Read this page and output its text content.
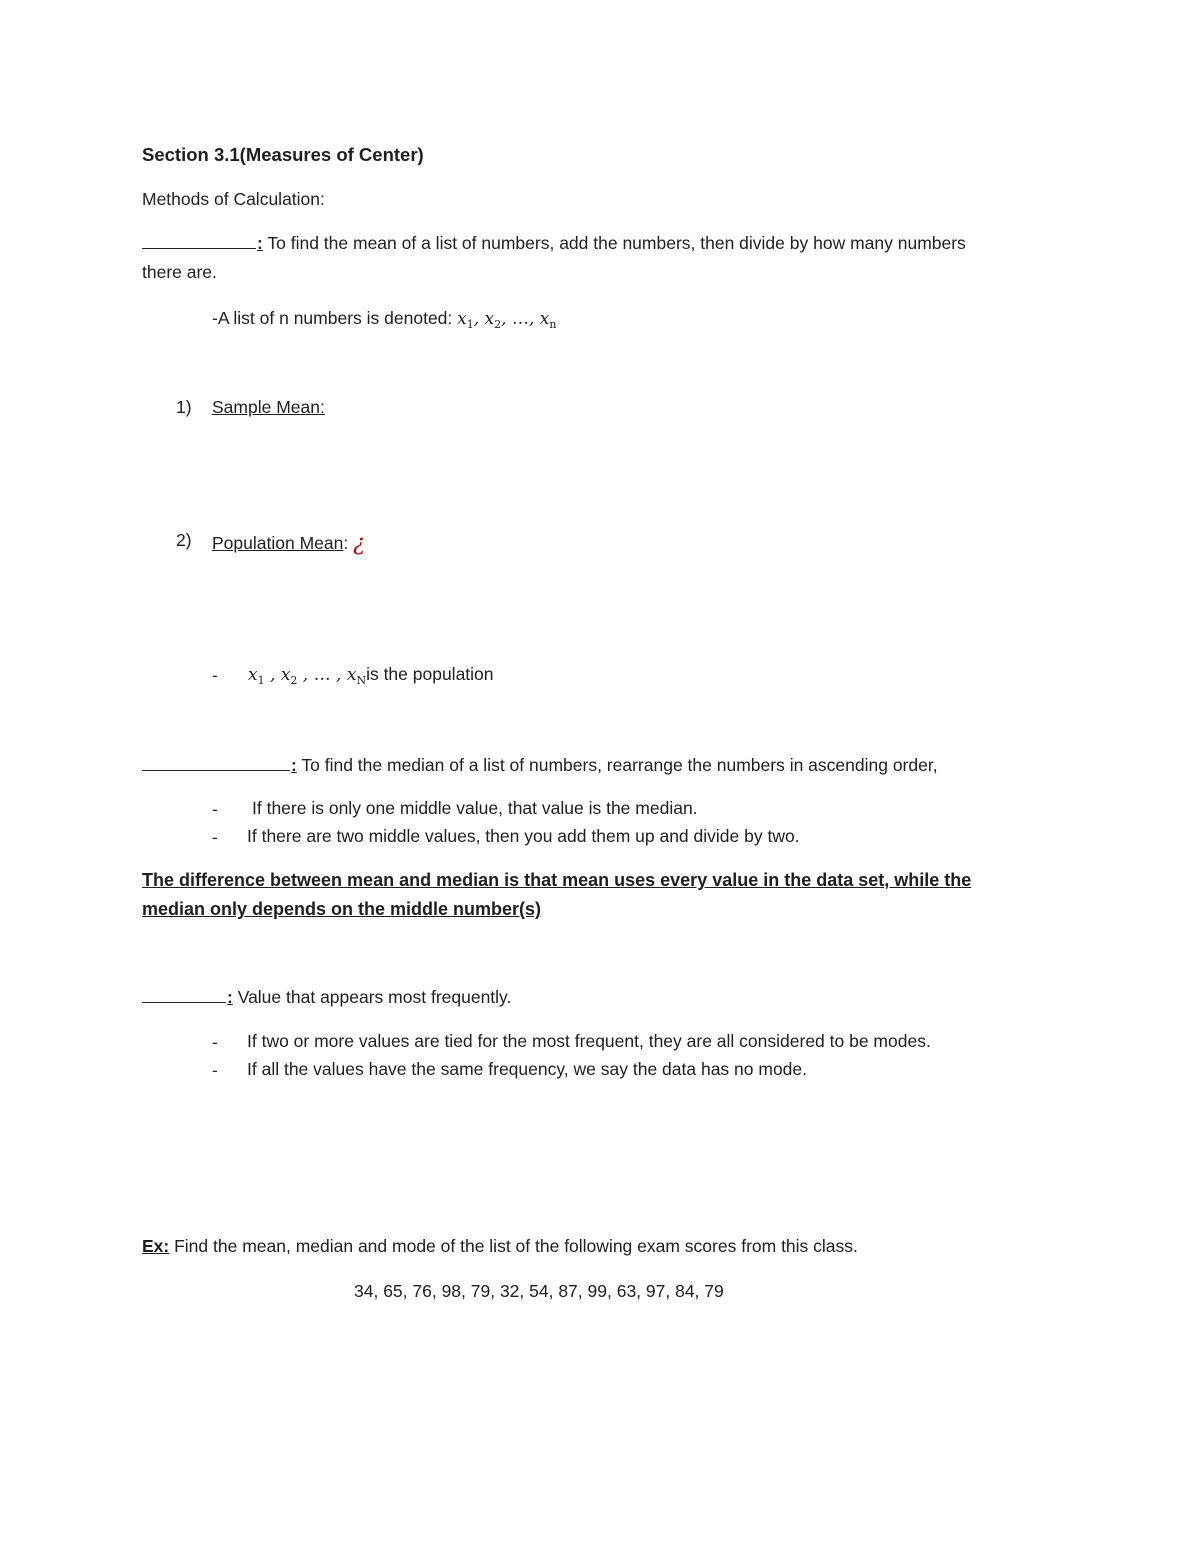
Section 3.1(Measures of Center)
Methods of Calculation:
: To find the mean of a list of numbers, add the numbers, then divide by how many numbers
there are.
-A list of n numbers is denoted: $x_1$, $x_2$, …, $x_n$
1) Sample Mean:
2) Population Mean: ¿
- $x_1$ , $x_2$ , … , $x_Nis$ the population
: To find the median of a list of numbers, rearrange the numbers in ascending order,
- If there is only one middle value, that value is the median.
- If there are two middle values, then you add them up and divide by two.
The difference between mean and median is that mean uses every value in the data set, while the
median only depends on the middle number(s)
: Value that appears most frequently.
- If two or more values are tied for the most frequent, they are all considered to be modes.
- If all the values have the same frequency, we say the data has no mode.
Ex: Find the mean, median and mode of the list of the following exam scores from this class.
34, 65, 76, 98, 79, 32, 54, 87, 99, 63, 97, 84, 79
